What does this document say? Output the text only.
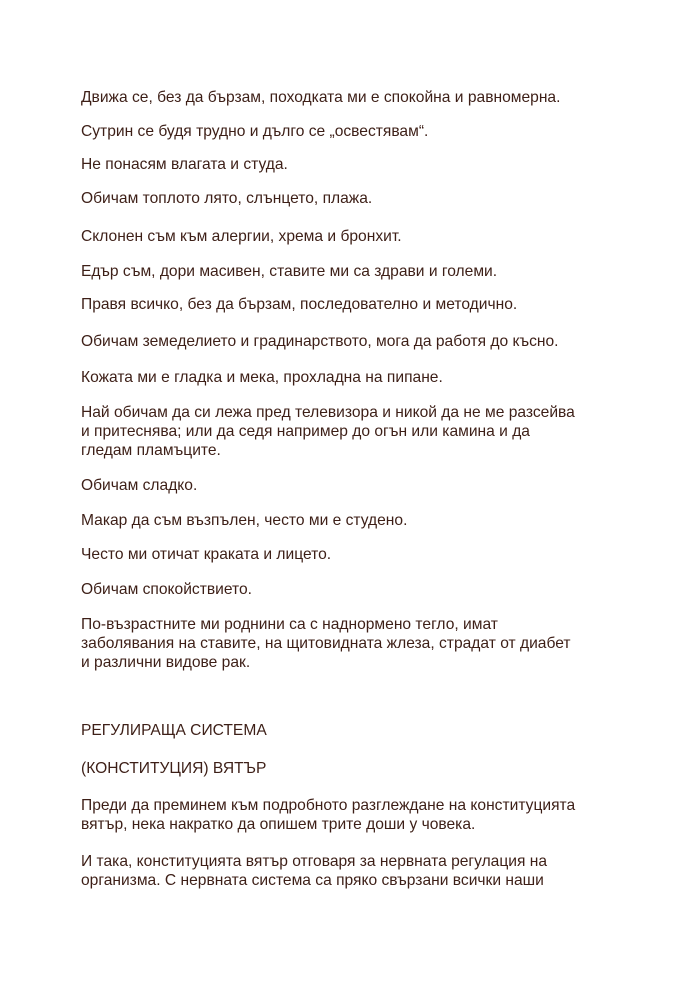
Движа се, без да бързам, походката ми е спокойна и равномерна.

Сутрин се будя трудно и дълго се „освестявам“.

Не понасям влагата и студа.

Обичам топлото лято, слънцето, плажа.

Склонен съм към алергии, хрема и бронхит.

Едър съм, дори масивен, ставите ми са здрави и големи.

Правя всичко, без да бързам, последователно и методично.

Обичам земеделието и градинарството, мога да работя до късно.

Кожата ми е гладка и мека, прохладна на пипане.

Най обичам да си лежа пред телевизора и никой да не ме разсейва
и притеснява; или да седя например до огън или камина и да
гледам пламъците.

Обичам сладко.

Макар да съм възпълен, често ми е студено.

Често ми отичат краката и лицето.

Обичам спокойствието.

По-възрастните ми роднини са с наднормено тегло, имат
заболявания на ставите, на щитовидната жлеза, страдат от диабет
и различни видове рак.

РЕГУЛИРАЩА СИСТЕМА

(КОНСТИТУЦИЯ) ВЯТЪР

Преди да преминем към подробното разглеждане на конституцията
вятър, нека накратко да опишем трите доши у човека.

И така, конституцията вятър отговаря за нервната регулация на
организма. С нервната система са пряко свързани всички наши
